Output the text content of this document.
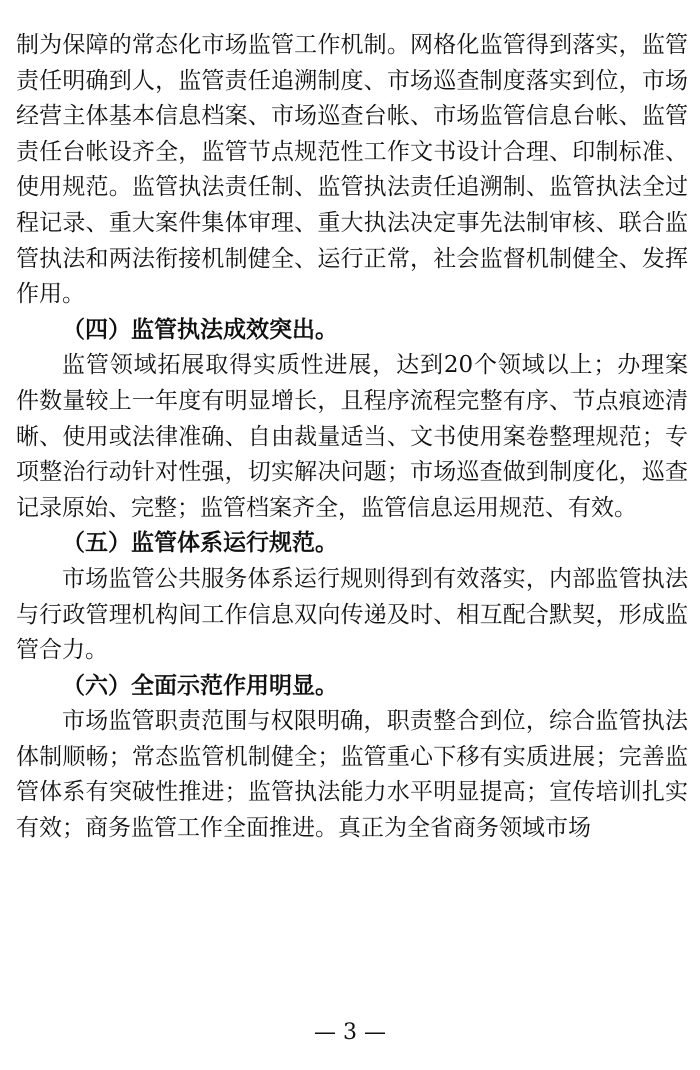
制为保障的常态化市场监管工作机制。网格化监管得到落实，监管责任明确到人，监管责任追溯制度、市场巡查制度落实到位，市场经营主体基本信息档案、市场巡查台帐、市场监管信息台帐、监管责任台帐设齐全，监管节点规范性工作文书设计合理、印制标准、使用规范。监管执法责任制、监管执法责任追溯制、监管执法全过程记录、重大案件集体审理、重大执法决定事先法制审核、联合监管执法和两法衔接机制健全、运行正常，社会监督机制健全、发挥作用。

（四）监管执法成效突出。

监管领域拓展取得实质性进展，达到20个领域以上；办理案件数量较上一年度有明显增长，且程序流程完整有序、节点痕迹清晰、使用或法律准确、自由裁量适当、文书使用案卷整理规范；专项整治行动针对性强，切实解决问题；市场巡查做到制度化，巡查记录原始、完整；监管档案齐全，监管信息运用规范、有效。

（五）监管体系运行规范。

市场监管公共服务体系运行规则得到有效落实，内部监管执法与行政管理机构间工作信息双向传递及时、相互配合默契，形成监管合力。

（六）全面示范作用明显。

市场监管职责范围与权限明确，职责整合到位，综合监管执法体制顺畅；常态监管机制健全；监管重心下移有实质进展；完善监管体系有突破性推进；监管执法能力水平明显提高；宣传培训扎实有效；商务监管工作全面推进。真正为全省商务领域市场

— 3 —
